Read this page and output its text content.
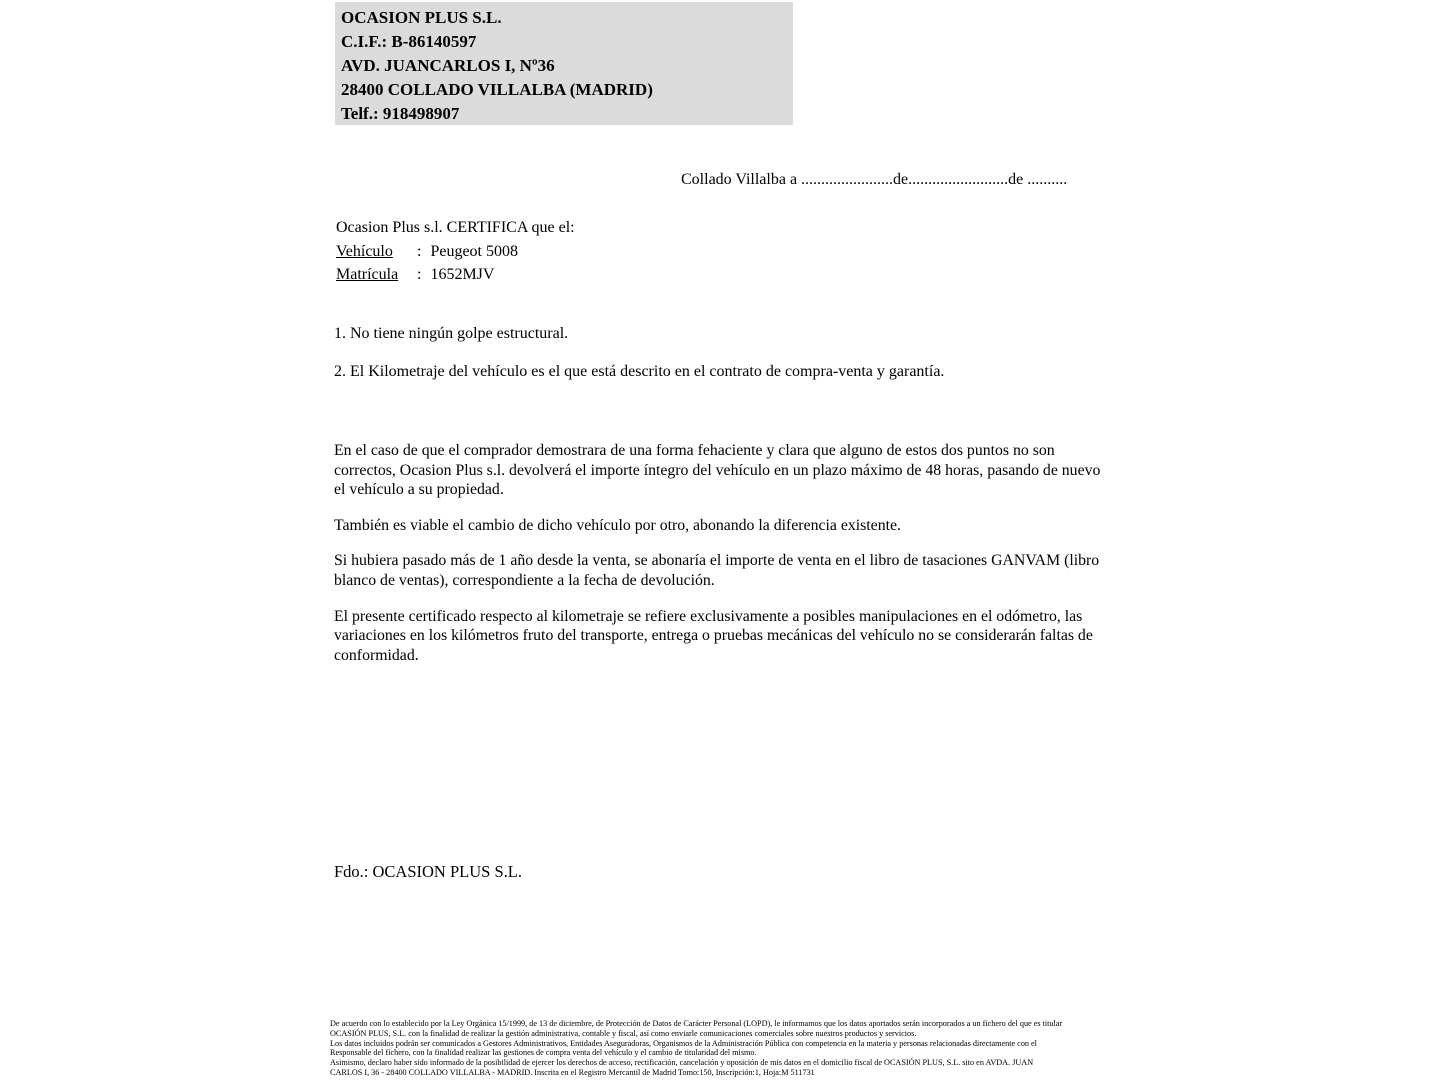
OCASION PLUS S.L.
C.I.F.: B-86140597
AVD. JUANCARLOS I, Nº36
28400 COLLADO VILLALBA (MADRID)
Telf.: 918498907
Collado Villalba a .......................de.........................de ..........
Ocasion Plus s.l. CERTIFICA que el:
Vehículo	: Peugeot 5008
Matrícula	: 1652MJV
1. No tiene ningún golpe estructural.
2. El Kilometraje del vehículo es el que está descrito en el contrato de compra-venta y garantía.

En el caso de que el comprador demostrara de una forma fehaciente y clara que alguno de estos dos puntos no son correctos, Ocasion Plus s.l. devolverá el importe íntegro del vehículo en un plazo máximo de 48 horas, pasando de nuevo el vehículo a su propiedad.

También es viable el cambio de dicho vehículo por otro, abonando la diferencia existente.

Si hubiera pasado más de 1 año desde la venta, se abonaría el importe de venta en el libro de tasaciones GANVAM (libro blanco de ventas), correspondiente a la fecha de devolución.

El presente certificado respecto al kilometraje se refiere exclusivamente a posibles manipulaciones en el odómetro, las variaciones en los kilómetros fruto del transporte, entrega o pruebas mecánicas del vehículo no se considerarán faltas de conformidad.

Fdo.: OCASION PLUS S.L.
De acuerdo con lo establecido por la Ley Orgánica 15/1999, de 13 de diciembre, de Protección de Datos de Carácter Personal (LOPD), le informamos que los datos aportados serán incorporados a un fichero del que es titular
OCASIÓN PLUS, S.L. con la finalidad de realizar la gestión administrativa, contable y fiscal, así como enviarle comunicaciones comerciales sobre nuestros productos y servicios.
Los datos incluidos podrán ser comunicados a Gestores Administrativos, Entidades Aseguradoras, Organismos de la Administración Pública con competencia en la materia y personas relacionadas directamente con el
Responsable del fichero, con la finalidad realizar las gestiones de compra venta del vehículo y el cambio de titularidad del mismo.
Asimismo, declaro haber sido informado de la posibilidad de ejercer los derechos de acceso, rectificación, cancelación y oposición de mis datos en el domicilio fiscal de OCASIÓN PLUS, S.L. sito en AVDA. JUAN
CARLOS I, 36 - 28400 COLLADO VILLALBA - MADRID. Inscrita en el Registro Mercantil de Madrid Tomo:150, Inscripción:1, Hoja:M 511731
